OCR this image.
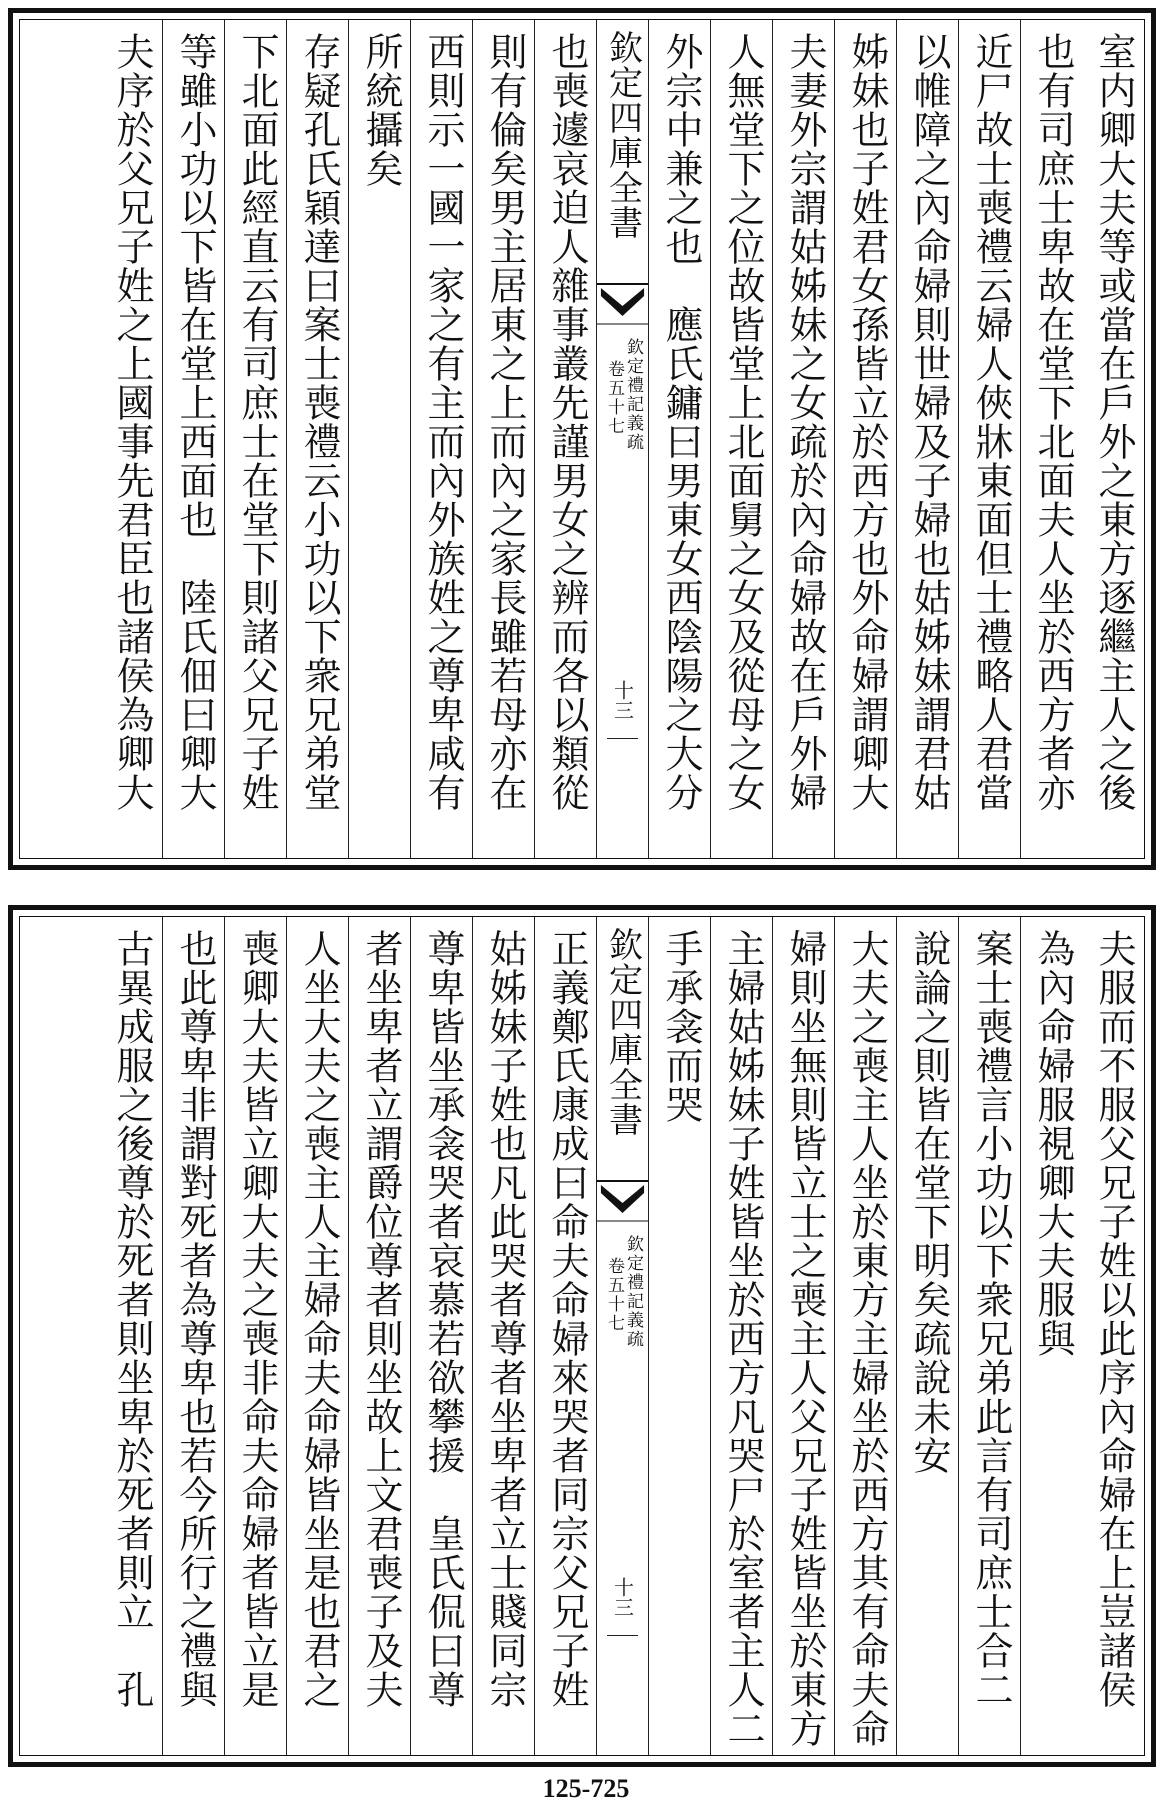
室内卿大夫等或當在戶外之東方逐繼主人之後
也有司庶士卑故在堂下北面夫人坐於西方者亦
近尸故士喪禮云婦人俠牀東面但士禮略人君當
以帷障之內命婦則世婦及子婦也姑姊妹謂君姑
姊妹也子姓君女孫皆立於西方也外命婦謂卿大
夫妻外宗謂姑姊妹之女疏於內命婦故在戶外婦
人無堂下之位故皆堂上北面舅之女及從母之女
外宗中兼之也　應氏鏞曰男東女西陰陽之大分
欽定四庫全書
欽定禮記義疏
卷五十七
十三
也喪遽哀迫人雜事叢先謹男女之辨而各以類從
則有倫矣男主居東之上而內之家長雖若母亦在
西則示一國一家之有主而內外族姓之尊卑咸有
所統攝矣
存疑孔氏穎達曰案士喪禮云小功以下衆兄弟堂
下北面此經直云有司庶士在堂下則諸父兄子姓
等雖小功以下皆在堂上西面也　陸氏佃曰卿大
夫序於父兄子姓之上國事先君臣也諸侯為卿大
夫服而不服父兄子姓以此序內命婦在上豈諸侯
為內命婦服視卿大夫服與
案士喪禮言小功以下衆兄弟此言有司庶士合二
說論之則皆在堂下明矣疏說未安
大夫之喪主人坐於東方主婦坐於西方其有命夫命
婦則坐無則皆立士之喪主人父兄子姓皆坐於東方
主婦姑姊妹子姓皆坐於西方凡哭尸於室者主人二
手承衾而哭
欽定四庫全書
欽定禮記義疏
卷五十七
十三
正義鄭氏康成曰命夫命婦來哭者同宗父兄子姓
姑姊妹子姓也凡此哭者尊者坐卑者立士賤同宗
尊卑皆坐承衾哭者哀慕若欲攀援　皇氏侃曰尊
者坐卑者立謂爵位尊者則坐故上文君喪子及夫
人坐大夫之喪主人主婦命夫命婦皆坐是也君之
喪卿大夫皆立卿大夫之喪非命夫命婦者皆立是
也此尊卑非謂對死者為尊卑也若今所行之禮與
古異成服之後尊於死者則坐卑於死者則立　孔
125-725
